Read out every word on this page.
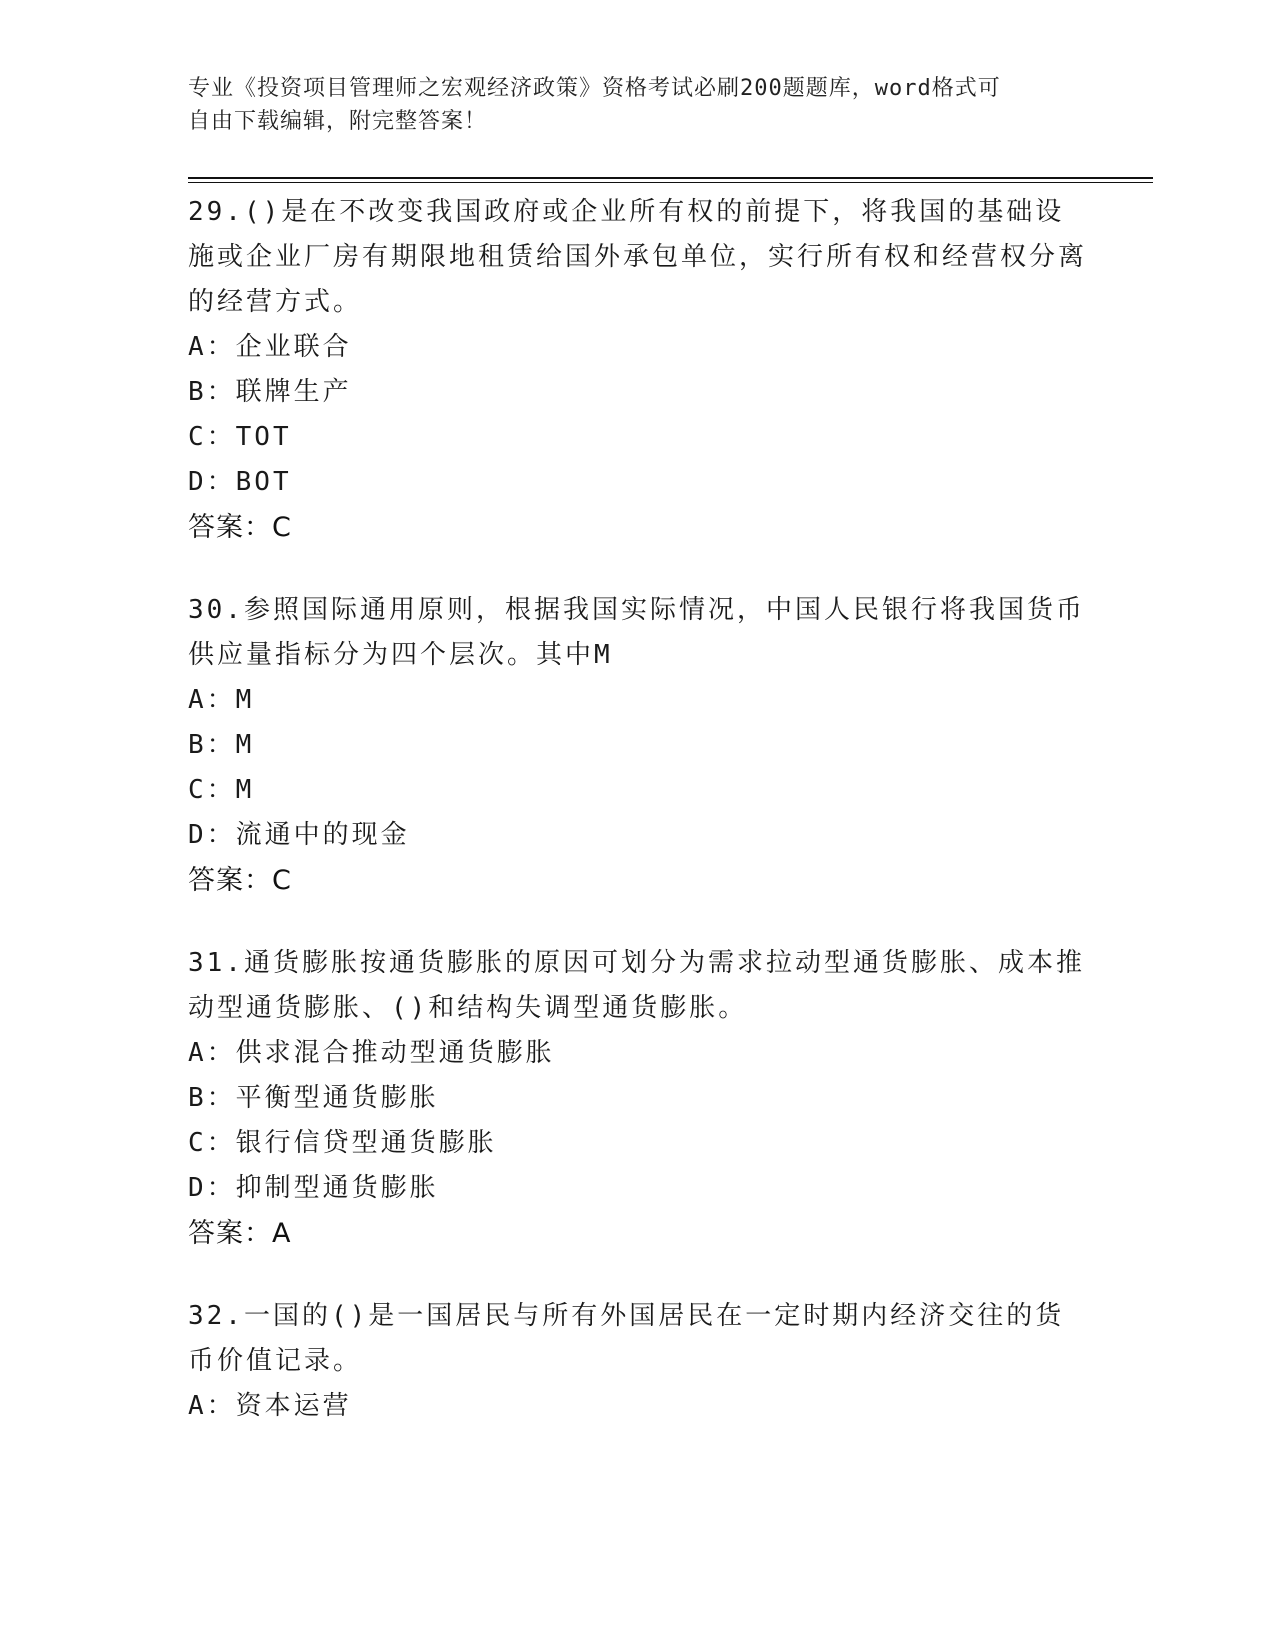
专业《投资项目管理师之宏观经济政策》资格考试必刷200题题库，word格式可
自由下载编辑，附完整答案！

29.()是在不改变我国政府或企业所有权的前提下，将我国的基础设施或企业厂房有期限地租赁给国外承包单位，实行所有权和经营权分离的经营方式。

A：企业联合

B：联牌生产

C：TOT

D：BOT

答案：C

30.参照国际通用原则，根据我国实际情况，中国人民银行将我国货币供应量指标分为四个层次。其中M

A：M

B：M

C：M

D：流通中的现金

答案：C

31.通货膨胀按通货膨胀的原因可划分为需求拉动型通货膨胀、成本推动型通货膨胀、()和结构失调型通货膨胀。

A：供求混合推动型通货膨胀

B：平衡型通货膨胀

C：银行信贷型通货膨胀

D：抑制型通货膨胀

答案：A

32.一国的()是一国居民与所有外国居民在一定时期内经济交往的货币价值记录。

A：资本运营
